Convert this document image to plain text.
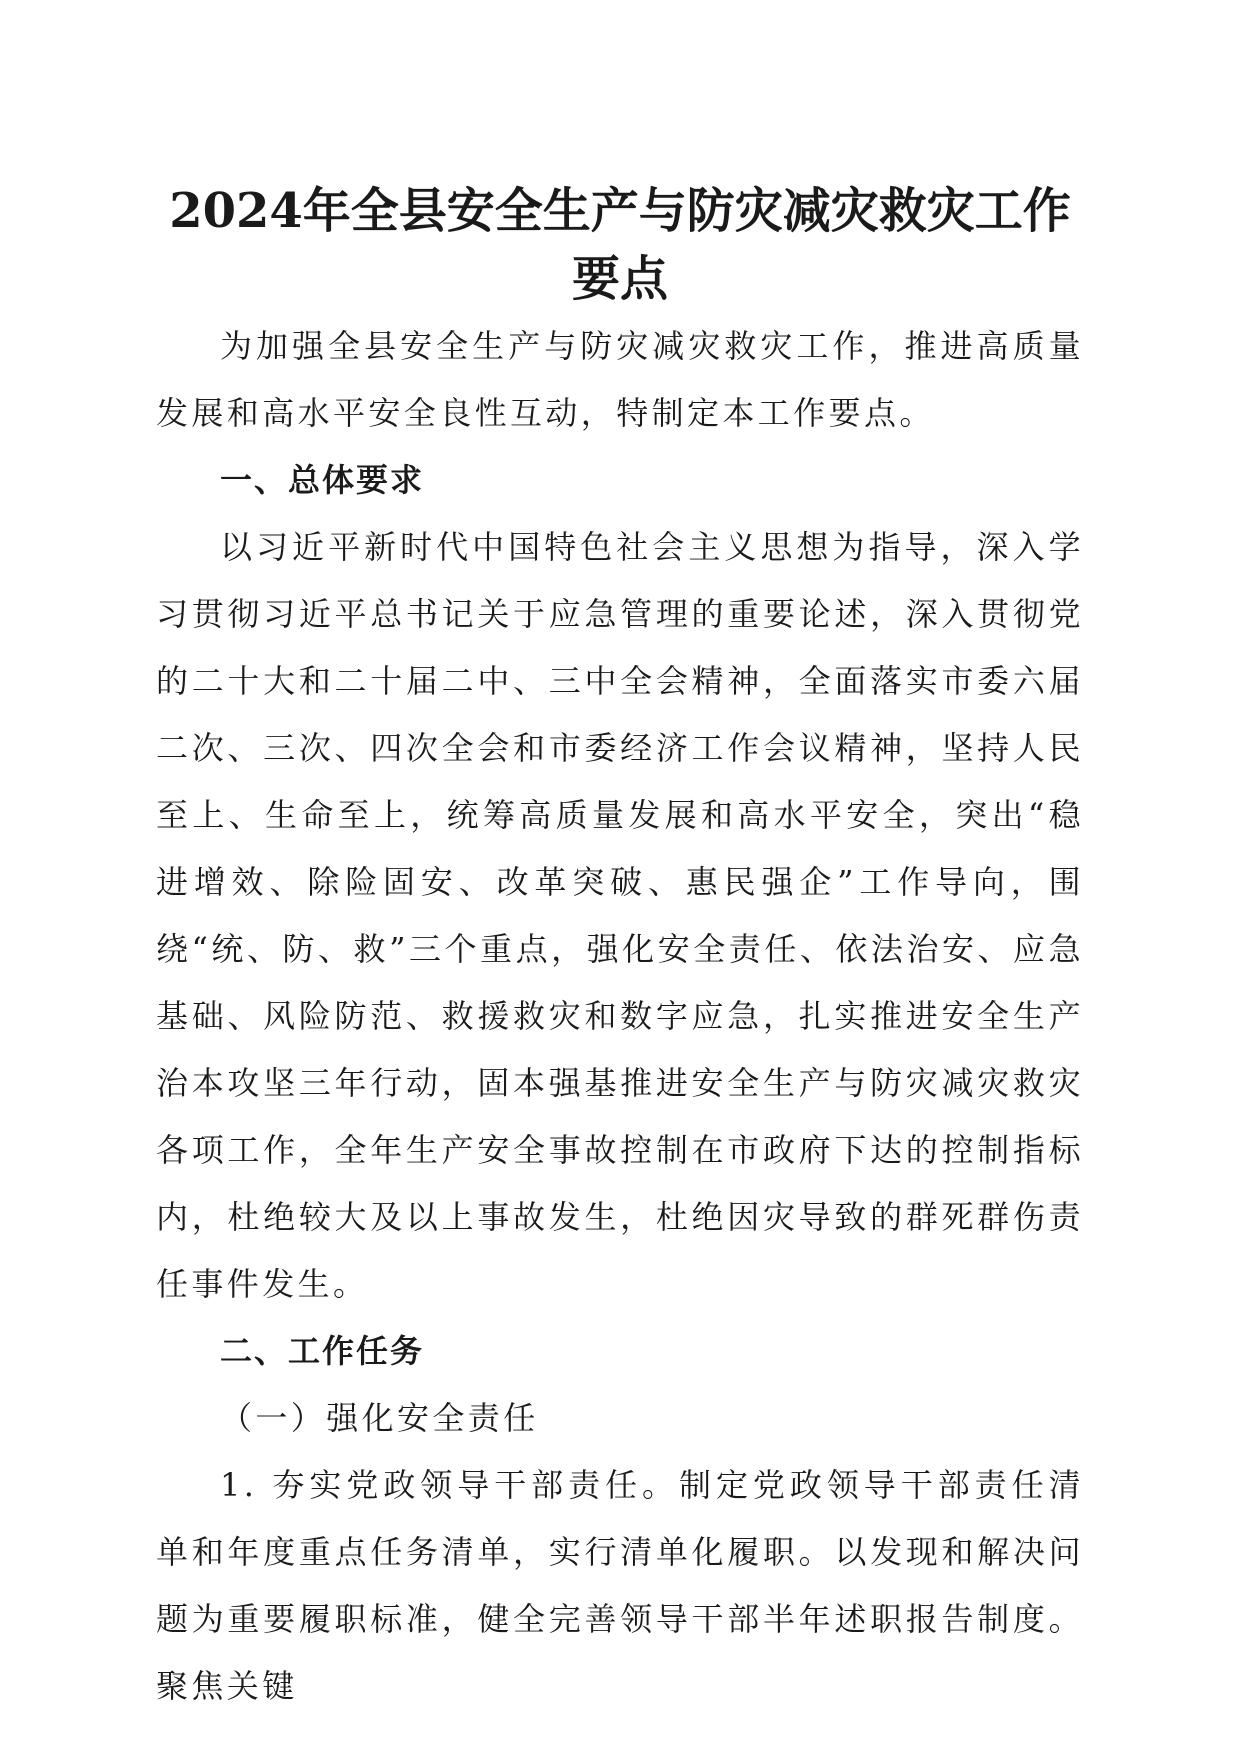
2024年全县安全生产与防灾减灾救灾工作要点

为加强全县安全生产与防灾减灾救灾工作，推进高质量发展和高水平安全良性互动，特制定本工作要点。

一、总体要求

以习近平新时代中国特色社会主义思想为指导，深入学习贯彻习近平总书记关于应急管理的重要论述，深入贯彻党的二十大和二十届二中、三中全会精神，全面落实市委六届二次、三次、四次全会和市委经济工作会议精神，坚持人民至上、生命至上，统筹高质量发展和高水平安全，突出“稳进增效、除险固安、改革突破、惠民强企”工作导向，围绕“统、防、救”三个重点，强化安全责任、依法治安、应急基础、风险防范、救援救灾和数字应急，扎实推进安全生产治本攻坚三年行动，固本强基推进安全生产与防灾减灾救灾各项工作，全年生产安全事故控制在市政府下达的控制指标内，杜绝较大及以上事故发生，杜绝因灾导致的群死群伤责任事件发生。

二、工作任务
（一）强化安全责任

1. 夯实党政领导干部责任。制定党政领导干部责任清单和年度重点任务清单，实行清单化履职。以发现和解决问题为重要履职标准，健全完善领导干部半年述职报告制度。聚焦关键
